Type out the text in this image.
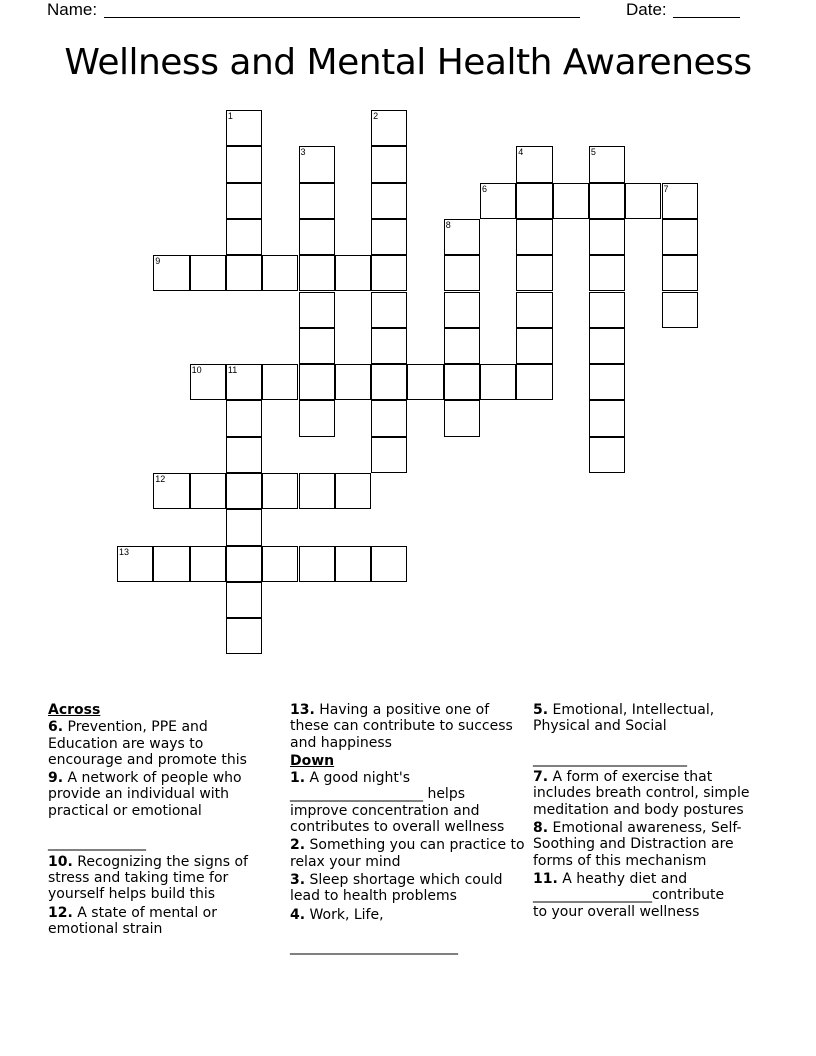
Name:	Date:
Wellness and Mental Health Awareness
1	2
3	4	5
6	7
8
9
10	11
12
13
Across
6. Prevention, PPE and Education are ways to encourage and promote this
9. A network of people who provide an individual with practical or emotional

______________
10. Recognizing the signs of stress and taking time for yourself helps build this
12. A state of mental or emotional strain
13. Having a positive one of these can contribute to success and happiness
Down
1. A good night's
___________________ helps
improve concentration and contributes to overall wellness
2. Something you can practice to relax your mind
3. Sleep shortage which could lead to health problems
4. Work, Life,

________________________
5. Emotional, Intellectual, Physical and Social

______________________
7. A form of exercise that includes breath control, simple meditation and body postures
8. Emotional awareness, Self-Soothing and Distraction are forms of this mechanism
11. A heathy diet and
_________________contribute
to your overall wellness
